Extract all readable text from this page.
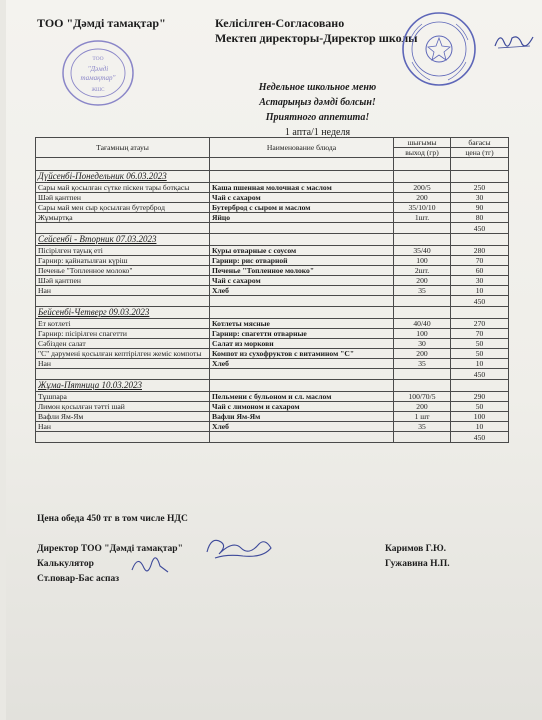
ТОО "Дәмді тамақтар"	Келісілген-Согласовано
Мектеп директоры-Директор школы
ТОО
"Дәмді
тамақтар"
ЖШС	Недельное школьное меню
Астарыңыз дәмді болсын!
Приятного аппетита!
1 апта/1 неделя
Тағамның атауы	Наименование блюда	шығымы	бағасы
		выход (гр)	цена (тг)

Дүйсенбі-Понедельник 06.03.2023			
Сары май қосылған сүтке піскен тары ботқасы	Каша пшенная молочная с маслом	200/5	250
Шәй қантпен	Чай с сахаром	200	30
Сары май мен сыр қосылған бутерброд	Бутерброд с сыром и маслом	35/10/10	90
Жұмыртқа	Яйцо	1шт.	80
			450
Сейсенбі - Вторник 07.03.2023			
Пісірілген тауық еті	Куры отварные с соусом	35/40	280
Гарнир: қайнатылған күріш	Гарнир: рис отварной	100	70
Печенье "Топленное молоко"	Печенье "Топленное молоко"	2шт.	60
Шәй қантпен	Чай с сахаром	200	30
Нан	Хлеб	35	10
			450
Бейсенбі-Четверг 09.03.2023			
Ет котлеті	Котлеты мясные	40/40	270
Гарнир: пісірілген спагетти	Гарнир: спагетти отварные	100	70
Сәбізден салат	Салат из моркови	30	50
"С" дәрумені қосылған кептірілген жеміс компоты	Компот из сухофруктов с витамином "С"	200	50
Нан	Хлеб	35	10
			450
Жұма-Пятница 10.03.2023			
Тұшпара	Пельмени с бульоном и сл. маслом	100/70/5	290
Лимон қосылған тәтті шай	Чай с лимоном и сахаром	200	50
Вафли Ям-Ям	Вафли Ям-Ям	1 шт	100
Нан	Хлеб	35	10
			450
Цена обеда 450 тг в том числе НДС
Директор ТОО "Дәмді тамақтар"
Калькулятор
Ст.повар-Бас аспаз
Каримов Г.Ю.
Гужавина Н.П.
